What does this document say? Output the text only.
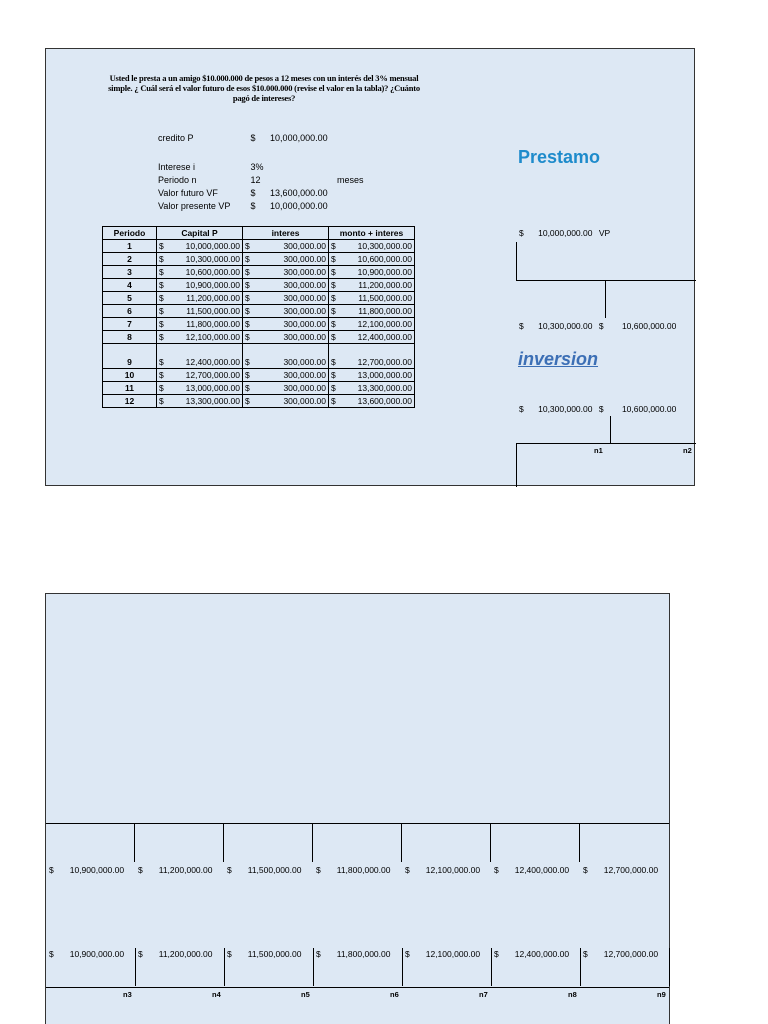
Usted le presta a un amigo $10.000.000 de pesos a 12 meses con un interés del 3% mensual simple. ¿ Cuál será el valor futuro de esos $10.000.000 (revise el valor en la tabla)? ¿Cuánto pagó de intereses?
credito P	$ 10,000,000.00
Interese i	3%
Periodo n	12	meses
Valor futuro VF	$ 13,600,000.00
Valor presente VP $ 10,000,000.00
Periodo	Capital P	interes	monto + interes
1	$ 10,000,000.00	$ 300,000.00	$ 10,300,000.00
2	$ 10,300,000.00	$ 300,000.00	$ 10,600,000.00
3	$ 10,600,000.00	$ 300,000.00	$ 10,900,000.00
4	$ 10,900,000.00	$ 300,000.00	$ 11,200,000.00
5	$ 11,200,000.00	$ 300,000.00	$ 11,500,000.00
6	$ 11,500,000.00	$ 300,000.00	$ 11,800,000.00
7	$ 11,800,000.00	$ 300,000.00	$ 12,100,000.00
8	$ 12,100,000.00	$ 300,000.00	$ 12,400,000.00
9	$ 12,400,000.00	$ 300,000.00	$ 12,700,000.00
10	$ 12,700,000.00	$ 300,000.00	$ 13,000,000.00
11	$ 13,000,000.00	$ 300,000.00	$ 13,300,000.00
12	$ 13,300,000.00	$ 300,000.00	$ 13,600,000.00
Prestamo
inversion
$ 10,000,000.00 VP
$ 10,300,000.00 $ 10,600,000.00
$ 10,300,000.00 $ 10,600,000.00
n1	n2
$ 10,900,000.00
$ 10,900,000.00
n3
$ 11,200,000.00
$ 11,200,000.00
n4
$ 11,500,000.00
$ 11,500,000.00
n5
$ 11,800,000.00
$ 11,800,000.00
n6
$ 12,100,000.00
$ 12,100,000.00
n7
$ 12,400,000.00
$ 12,400,000.00
n8
$ 12,700,000.00
$ 12,700,000.00
n9
